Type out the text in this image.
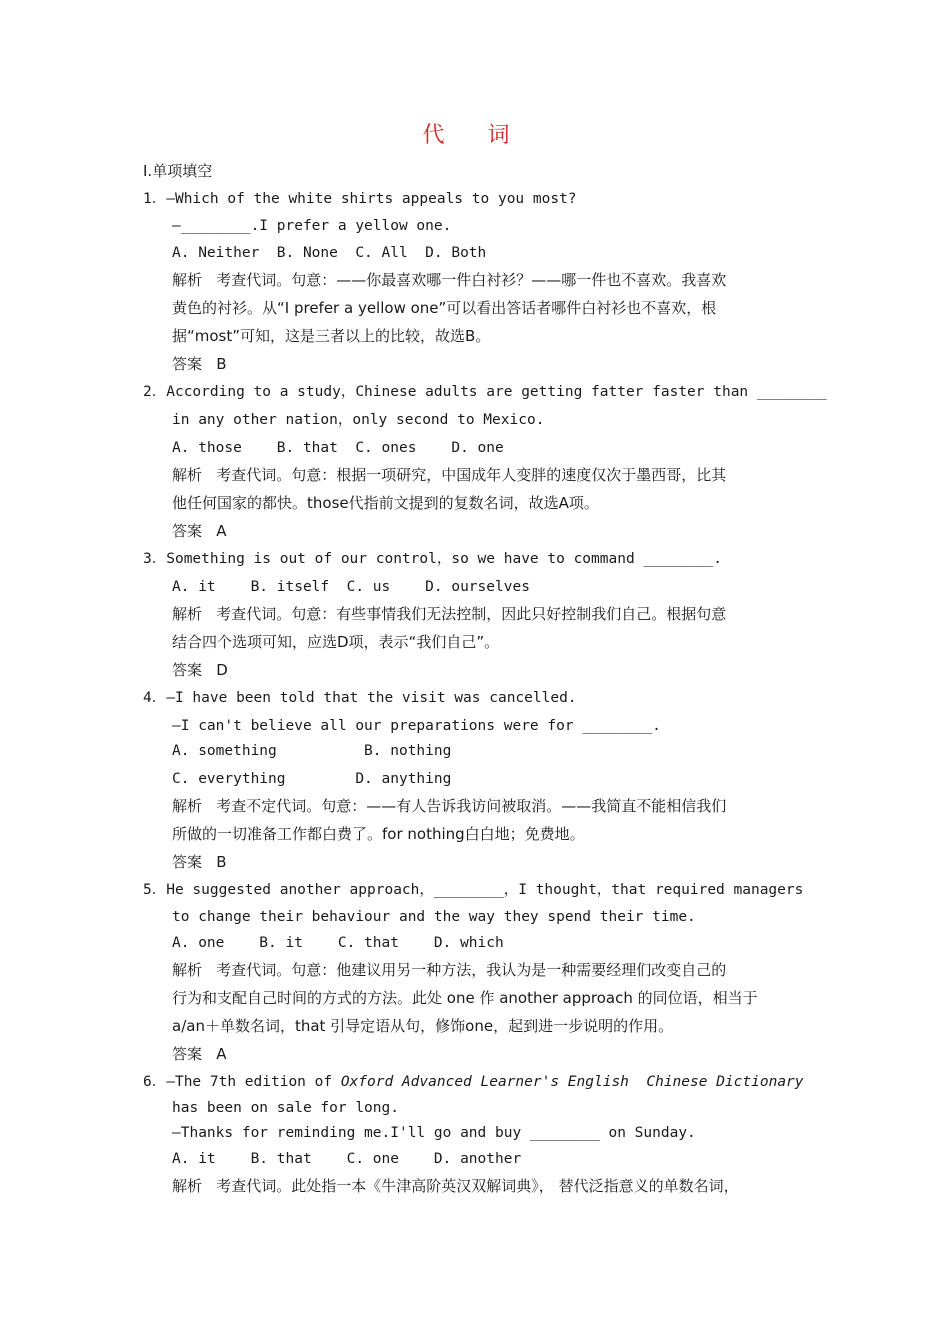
代 词
I.单项填空
1．—Which of the white shirts appeals to you most?
—________.I prefer a yellow one.
A. Neither  B. None  C. All  D. Both
解析   考查代词。句意：——你最喜欢哪一件白衬衫？——哪一件也不喜欢。我喜欢
黄色的衬衫。从“I prefer a yellow one”可以看出答话者哪件白衬衫也不喜欢，根
据“most”可知，这是三者以上的比较，故选B。
答案   B
2．According to a study，Chinese adults are getting fatter faster than ________
in any other nation，only second to Mexico.
A. those    B. that  C. ones    D. one
解析   考查代词。句意：根据一项研究，中国成年人变胖的速度仅次于墨西哥，比其
他任何国家的都快。those代指前文提到的复数名词，故选A项。
答案   A
3．Something is out of our control，so we have to command ________.
A. it    B. itself  C. us    D. ourselves
解析   考查代词。句意：有些事情我们无法控制，因此只好控制我们自己。根据句意
结合四个选项可知，应选D项，表示“我们自己”。
答案   D
4．—I have been told that the visit was cancelled.
—I can't believe all our preparations were for ________.
A. something          B. nothing
C. everything        D. anything
解析   考查不定代词。句意：——有人告诉我访问被取消。——我简直不能相信我们
所做的一切准备工作都白费了。for nothing白白地；免费地。
答案   B
5．He suggested another approach，________，I thought，that required managers
to change their behaviour and the way they spend their time.
A. one    B. it    C. that    D. which
解析   考查代词。句意：他建议用另一种方法，我认为是一种需要经理们改变自己的
行为和支配自己时间的方式的方法。此处 one 作 another approach 的同位语，相当于
a/an＋单数名词，that 引导定语从句，修饰one，起到进一步说明的作用。
答案   A
6．—The 7th edition of Oxford Advanced Learner's English  Chinese Dictionary
has been on sale for long.
—Thanks for reminding me.I'll go and buy ________ on Sunday.
A. it    B. that    C. one    D. another
解析   考查代词。此处指一本《牛津高阶英汉双解词典》， 替代泛指意义的单数名词，
